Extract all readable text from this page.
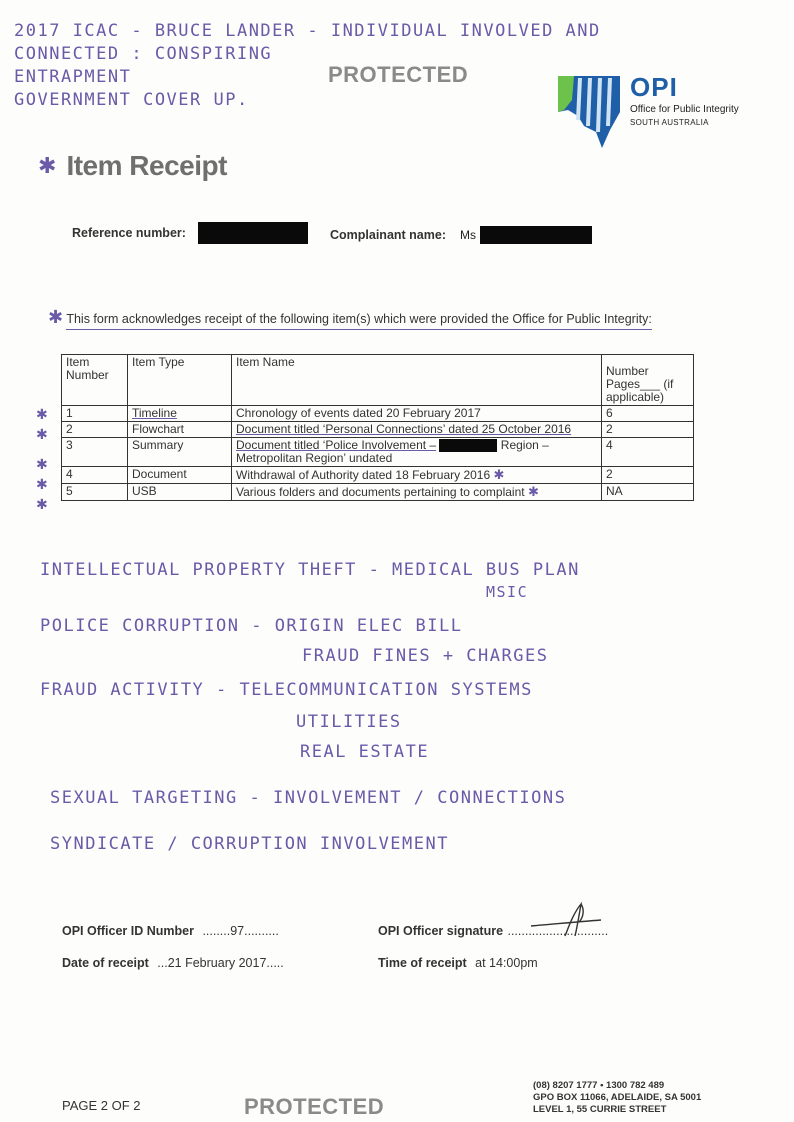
2017 ICAC - BRUCE LANDER - INDIVIDUAL INVOLVED AND
CONNECTED : CONSPIRING
ENTRAPMENT
GOVERNMENT COVER UP.
PROTECTED	OPI
Office for Public Integrity
SOUTH AUSTRALIA
✱ Item Receipt
Reference number:	Complainant name: Ms
✱ This form acknowledges receipt of the following item(s) which were provided the Office for Public Integrity:
Item Number	Item Type	Item Name	Number Pages___ (if applicable)
1	Timeline	Chronology of events dated 20 February 2017	6
2	Flowchart	Document titled ‘Personal Connections’ dated 25 October 2016	2
3	Summary	Document titled ‘Police Involvement – Region – Metropolitan Region’ undated	4
4	Document	Withdrawal of Authority dated 18 February 2016 ✱	2
5	USB	Various folders and documents pertaining to complaint ✱	NA
✱
✱
✱
✱
✱
INTELLECTUAL PROPERTY THEFT - MEDICAL BUS PLAN
MSIC
POLICE CORRUPTION - ORIGIN ELEC BILL
FRAUD FINES + CHARGES
FRAUD ACTIVITY - TELECOMMUNICATION SYSTEMS
UTILITIES
REAL ESTATE
SEXUAL TARGETING - INVOLVEMENT / CONNECTIONS
SYNDICATE / CORRUPTION INVOLVEMENT
OPI Officer ID Number ........97..........	OPI Officer signature .............................
Date of receipt ...21 February 2017.....	Time of receipt at 14:00pm
PAGE 2 OF 2	PROTECTED
(08) 8207 1777 • 1300 782 489
GPO BOX 11066, ADELAIDE, SA 5001
LEVEL 1, 55 CURRIE STREET
